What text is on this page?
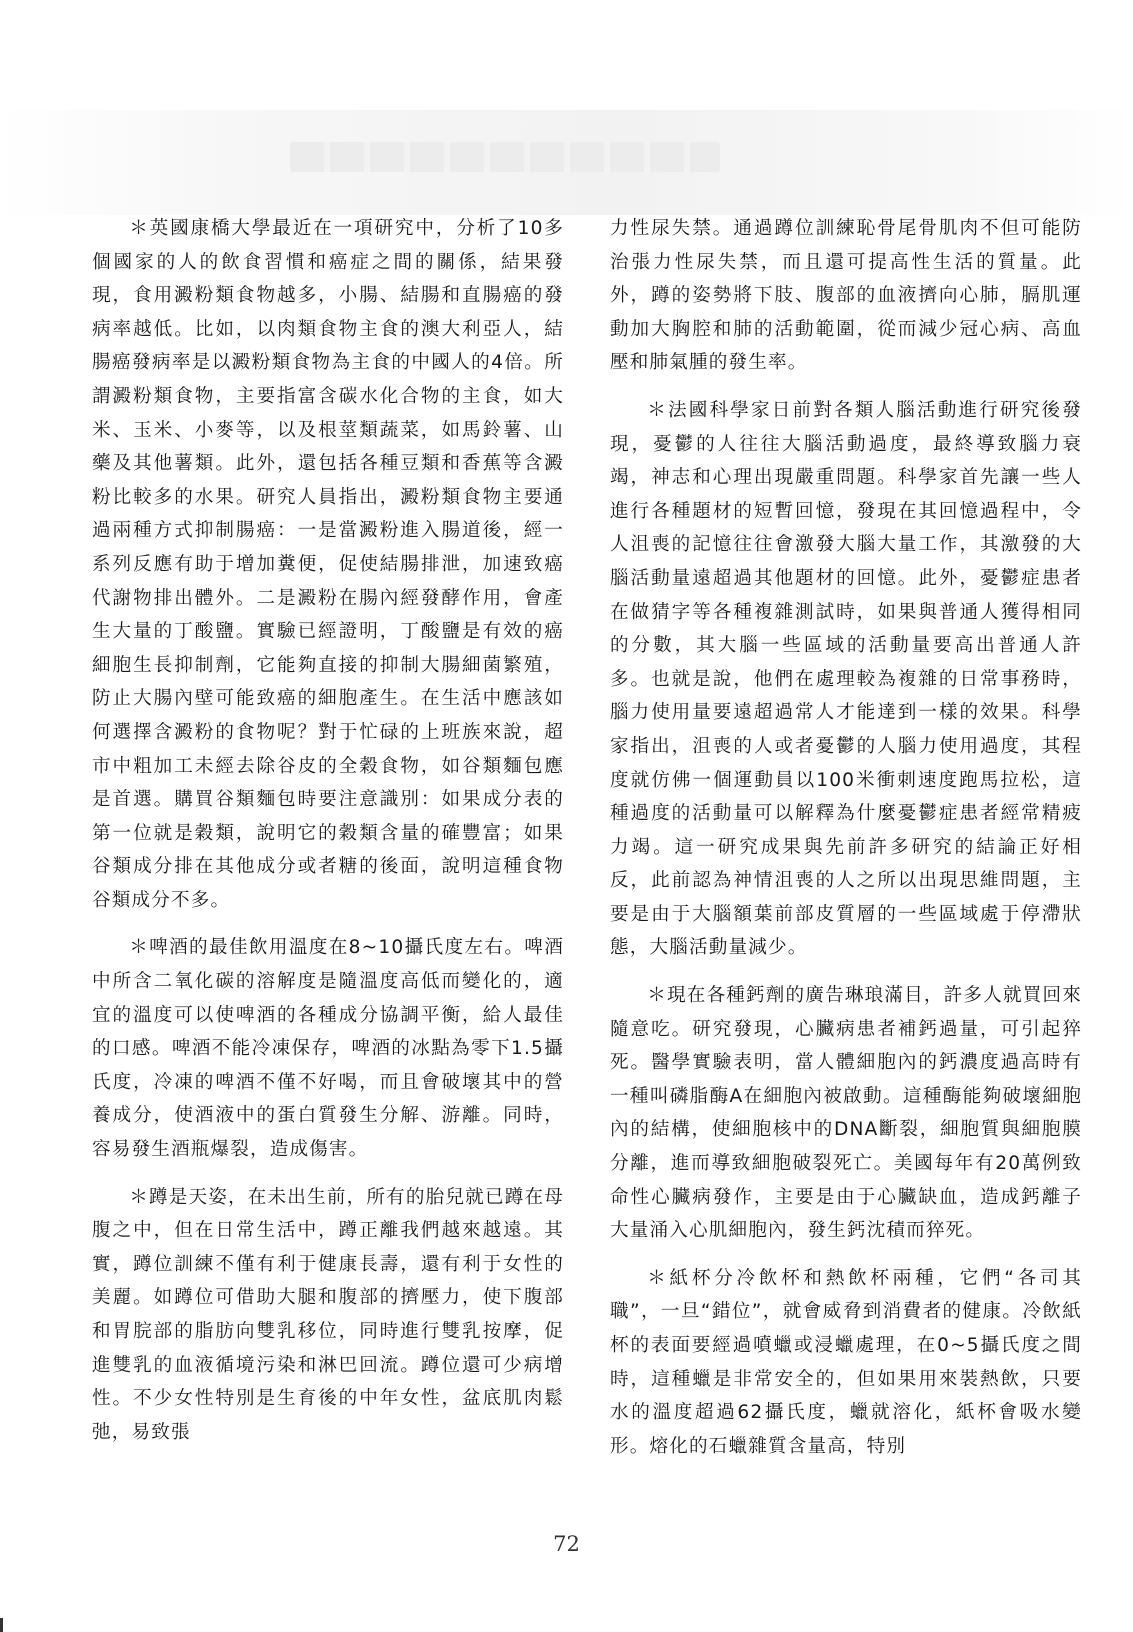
＊英國康橋大學最近在一項研究中，分析了10多個國家的人的飲食習慣和癌症之間的關係，結果發現，食用澱粉類食物越多，小腸、結腸和直腸癌的發病率越低。比如，以肉類食物主食的澳大利亞人，結腸癌發病率是以澱粉類食物為主食的中國人的4倍。所謂澱粉類食物，主要指富含碳水化合物的主食，如大米、玉米、小麥等，以及根莖類蔬菜，如馬鈴薯、山藥及其他薯類。此外，還包括各種豆類和香蕉等含澱粉比較多的水果。研究人員指出，澱粉類食物主要通過兩種方式抑制腸癌：一是當澱粉進入腸道後，經一系列反應有助于增加糞便，促使結腸排泄，加速致癌代謝物排出體外。二是澱粉在腸內經發酵作用，會產生大量的丁酸鹽。實驗已經證明，丁酸鹽是有效的癌細胞生長抑制劑，它能夠直接的抑制大腸細菌繁殖，防止大腸內壁可能致癌的細胞產生。在生活中應該如何選擇含澱粉的食物呢？對于忙碌的上班族來說，超市中粗加工未經去除谷皮的全穀食物，如谷類麵包應是首選。購買谷類麵包時要注意識別：如果成分表的第一位就是穀類，說明它的穀類含量的確豐富；如果谷類成分排在其他成分或者糖的後面，說明這種食物　谷類成分不多。

＊啤酒的最佳飲用溫度在8~10攝氏度左右。啤酒中所含二氧化碳的溶解度是隨溫度高低而變化的，適宜的溫度可以使啤酒的各種成分協調平衡，給人最佳的口感。啤酒不能冷凍保存，啤酒的冰點為零下1.5攝氏度，冷凍的啤酒不僅不好喝，而且會破壞其中的營養成分，使酒液中的蛋白質發生分解、游離。同時，容易發生酒瓶爆裂，造成傷害。

＊蹲是天姿，在未出生前，所有的胎兒就已蹲在母腹之中，但在日常生活中，蹲正離我們越來越遠。其實，蹲位訓練不僅有利于健康長壽，還有利于女性的美麗。如蹲位可借助大腿和腹部的擠壓力，使下腹部和胃脘部的脂肪向雙乳移位，同時進行雙乳按摩，促進雙乳的血液循境污染和淋巴回流。蹲位還可少病增性。不少女性特別是生育後的中年女性，盆底肌肉鬆弛，易致張

力性尿失禁。通過蹲位訓練恥骨尾骨肌肉不但可能防治張力性尿失禁，而且還可提高性生活的質量。此外，蹲的姿勢將下肢、腹部的血液擠向心肺，膈肌運動加大胸腔和肺的活動範圍，從而減少冠心病、高血壓和肺氣腫的發生率。

＊法國科學家日前對各類人腦活動進行研究後發現，憂鬱的人往往大腦活動過度，最終導致腦力衰竭，神志和心理出現嚴重問題。科學家首先讓一些人進行各種題材的短暫回憶，發現在其回憶過程中，令人沮喪的記憶往往會激發大腦大量工作，其激發的大腦活動量遠超過其他題材的回憶。此外，憂鬱症患者在做猜字等各種複雜測試時，如果與普通人獲得相同的分數，其大腦一些區域的活動量要高出普通人許多。也就是說，他們在處理較為複雜的日常事務時，腦力使用量要遠超過常人才能達到一樣的效果。科學家指出，沮喪的人或者憂鬱的人腦力使用過度，其程度就仿佛一個運動員以100米衝刺速度跑馬拉松，這種過度的活動量可以解釋為什麼憂鬱症患者經常精疲力竭。這一研究成果與先前許多研究的結論正好相反，此前認為神情沮喪的人之所以出現思維問題，主要是由于大腦額葉前部皮質層的一些區域處于停滯狀態，大腦活動量減少。

＊現在各種鈣劑的廣告琳琅滿目，許多人就買回來隨意吃。研究發現，心臟病患者補鈣過量，可引起猝死。醫學實驗表明，當人體細胞內的鈣濃度過高時有一種叫磷脂酶A在細胞內被啟動。這種酶能夠破壞細胞內的結構，使細胞核中的DNA斷裂，細胞質與細胞膜分離，進而導致細胞破裂死亡。美國每年有20萬例致命性心臟病發作，主要是由于心臟缺血，造成鈣離子大量涌入心肌細胞內，發生鈣沈積而猝死。

＊紙杯分冷飲杯和熱飲杯兩種，它們“各司其職”，一旦“錯位”，就會威脅到消費者的健康。冷飲紙杯的表面要經過噴蠟或浸蠟處理，在0~5攝氏度之間時，這種蠟是非常安全的，但如果用來裝熱飲，只要水的溫度超過62攝氏度，蠟就溶化，紙杯會吸水變形。熔化的石蠟雜質含量高，特別

72
